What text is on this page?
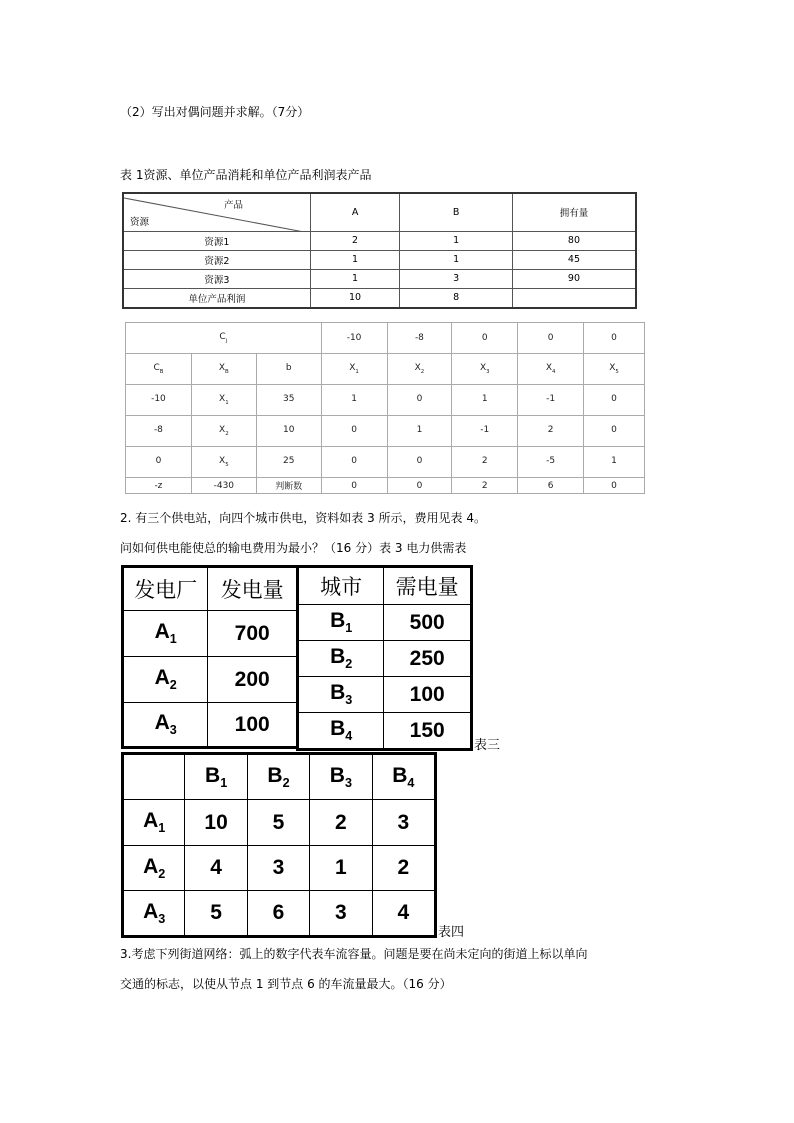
（2）写出对偶问题并求解。（7分）
表 1资源、单位产品消耗和单位产品利润表产品
产品
资源	A	B	拥有量
资源1	2	1	80
资源2	1	1	45
资源3	1	3	90
单位产品利润	10	8	
$C_j$			-10	-8	0	0	0
$C_B$	$X_B$	b	$X_1$	$X_2$	$X_3$	$X_4$	$X_5$
-10	$X_1$	35	1	0	1	-1	0
-8	$X_2$	10	0	1	-1	2	0
0	$X_5$	25	0	0	2	-5	1
-z	-430	判断数	0	0	2	6	0
2. 有三个供电站，向四个城市供电，资料如表 3 所示，费用见表 4。
问如何供电能使总的输电费用为最小？（16 分）表 3 电力供需表
发电厂	发电量
$A_1$	700
$A_2$	200
$A_3$	100
城市	需电量
$B_1$	500
$B_2$	250
$B_3$	100
$B_4$	150
表三
	$B_1$	$B_2$	$B_3$	$B_4$
$A_1$	10	5	2	3
$A_2$	4	3	1	2
$A_3$	5	6	3	4
表四
3.考虑下列街道网络：弧上的数字代表车流容量。问题是要在尚未定向的街道上标以单向
交通的标志，以使从节点 1 到节点 6 的车流量最大。（16 分）
